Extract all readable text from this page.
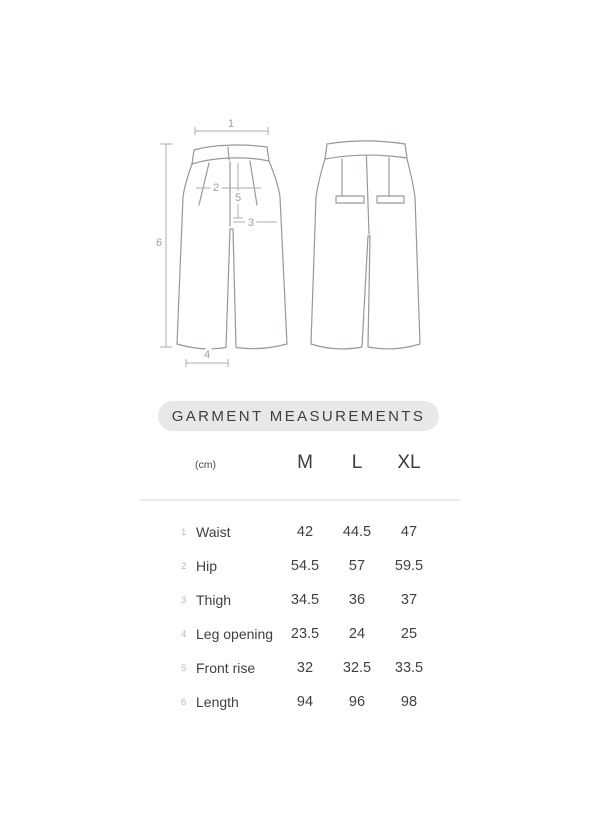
1
2
3
4
5
6
GARMENT MEASUREMENTS
(cm)	M	L	XL
1 Waist	42	44.5	47
2 Hip	54.5	57	59.5
3 Thigh	34.5	36	37
4 Leg opening	23.5	24	25
5 Front rise	32	32.5	33.5
6 Length	94	96	98
